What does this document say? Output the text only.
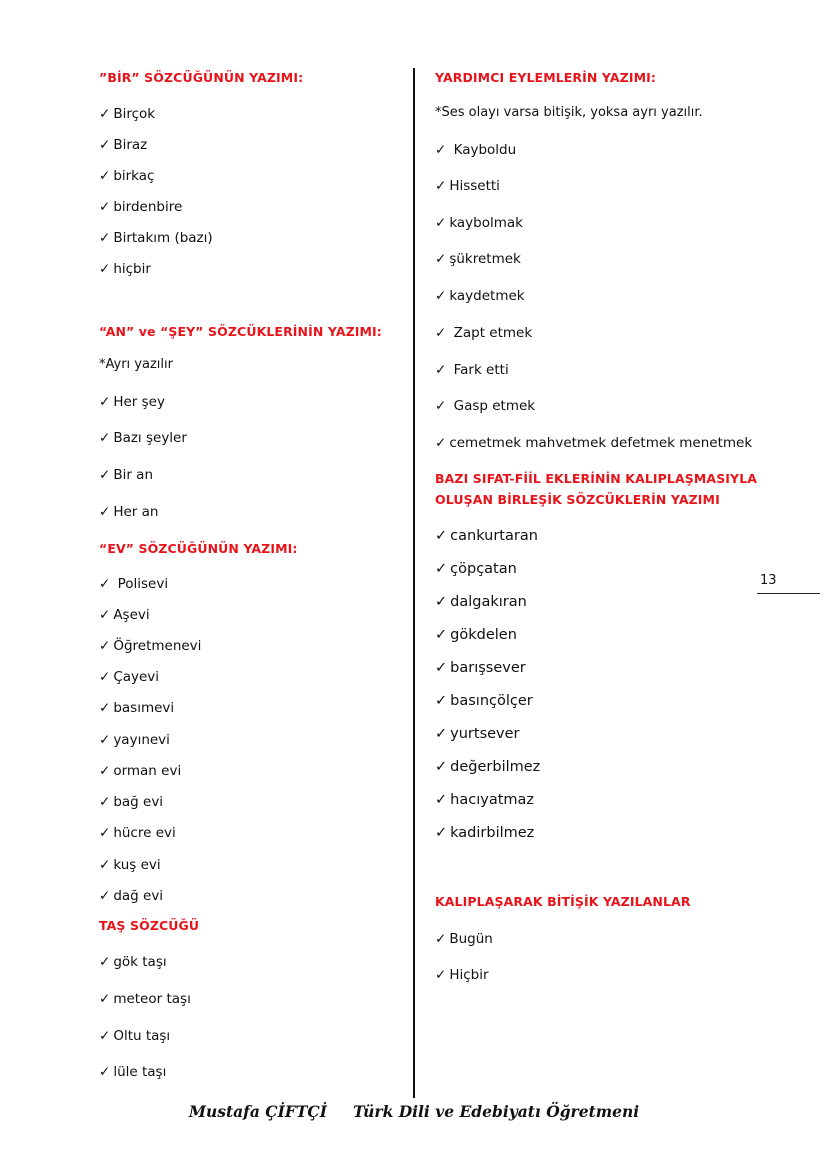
”BİR” SÖZCÜĞÜNÜN YAZIMI:
✓ Birçok
✓ Biraz
✓ birkaç
✓ birdenbire
✓ Birtakım (bazı)
✓ hiçbir
“AN” ve “ŞEY” SÖZCÜKLERİNİN YAZIMI:
*Ayrı yazılır
✓ Her şey
✓ Bazı şeyler
✓ Bir an
✓ Her an
“EV” SÖZCÜĞÜNÜN YAZIMI:
✓ Polisevi
✓ Aşevi
✓ Öğretmenevi
✓ Çayevi
✓ basımevi
✓ yayınevi
✓ orman evi
✓ bağ evi
✓ hücre evi
✓ kuş evi
✓ dağ evi
TAŞ SÖZCÜĞÜ
✓ gök taşı
✓ meteor taşı
✓ Oltu taşı
✓ lüle taşı
YARDIMCI EYLEMLERİN YAZIMI:
*Ses olayı varsa bitişik, yoksa ayrı yazılır.
✓ Kayboldu
✓ Hissetti
✓ kaybolmak
✓ şükretmek
✓ kaydetmek
✓ Zapt etmek
✓ Fark etti
✓ Gasp etmek
✓ cemetmek mahvetmek defetmek menetmek
BAZI SIFAT-FİİL EKLERİNİN KALIPLAŞMASIYLA
OLUŞAN BİRLEŞİK SÖZCÜKLERİN YAZIMI
✓ cankurtaran
✓ çöpçatan
✓ dalgakıran
✓ gökdelen
✓ barışsever
✓ basınçölçer
✓ yurtsever
✓ değerbilmez
✓ hacıyatmaz
✓ kadirbilmez
KALIPLAŞARAK BİTİŞİK YAZILANLAR
✓ Bugün
✓ Hiçbir
13
Mustafa ÇİFTÇİ Türk Dili ve Edebiyatı Öğretmeni
